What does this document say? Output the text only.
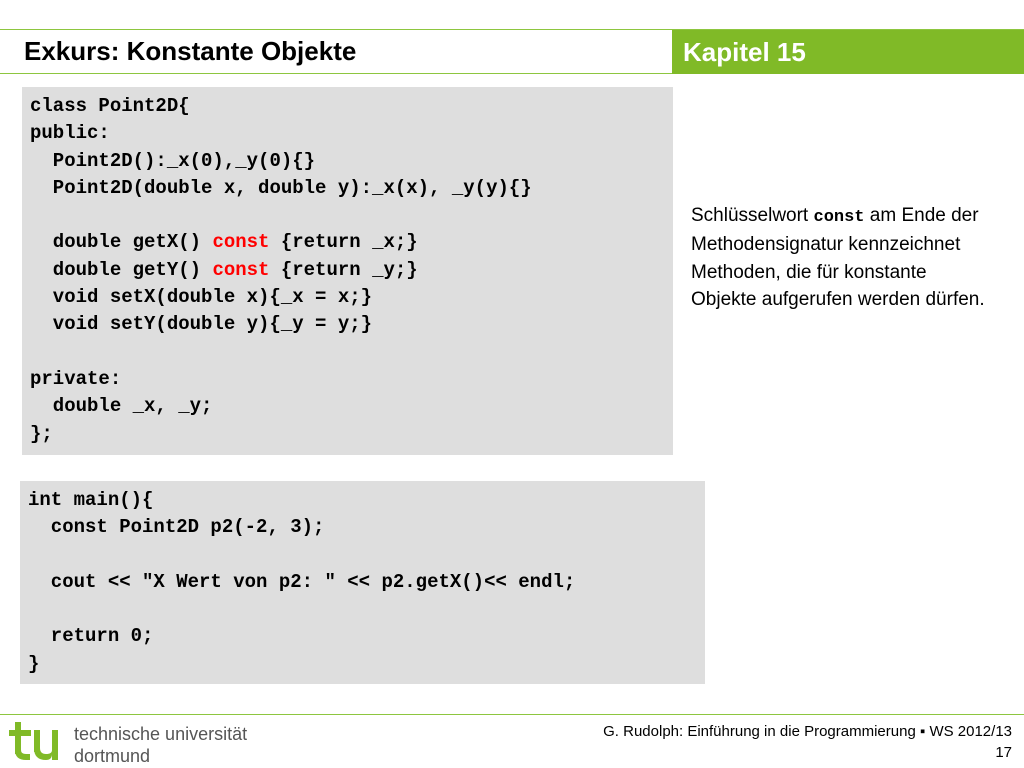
Exkurs: Konstante Objekte	Kapitel 15
class Point2D{
public:
Point2D():_x(0),_y(0){}
Point2D(double x, double y):_x(x), _y(y){}
double getX() const {return _x;}
double getY() const {return _y;}
void setX(double x){_x = x;}
void setY(double y){_y = y;}
private:
double _x, _y;
};
Schlüsselwort const am Ende der Methodensignatur kennzeichnet Methoden, die für konstante Objekte aufgerufen werden dürfen.
int main(){
const Point2D p2(-2, 3);
cout << "X Wert von p2: " << p2.getX()<< endl;
return 0;
}
technische universität
dortmund
G. Rudolph: Einführung in die Programmierung ▪ WS 2012/13
17
